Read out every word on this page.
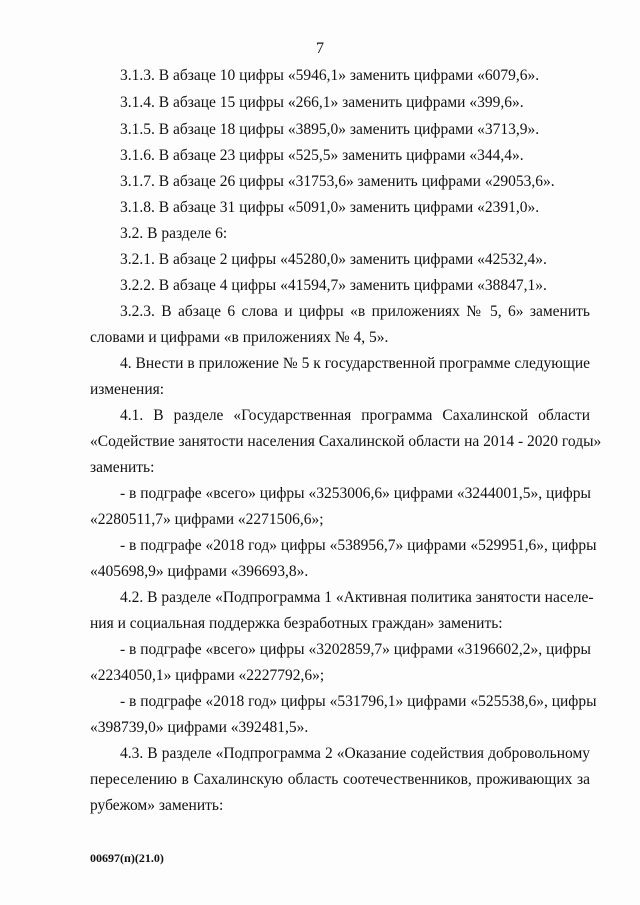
7
3.1.3. В абзаце 10 цифры «5946,1» заменить цифрами «6079,6».
3.1.4. В абзаце 15 цифры «266,1» заменить цифрами «399,6».
3.1.5. В абзаце 18 цифры «3895,0» заменить цифрами «3713,9».
3.1.6. В абзаце 23 цифры «525,5» заменить цифрами «344,4».
3.1.7. В абзаце 26 цифры «31753,6» заменить цифрами «29053,6».
3.1.8. В абзаце 31 цифры «5091,0» заменить цифрами «2391,0».
3.2. В разделе 6:
3.2.1. В абзаце 2 цифры «45280,0» заменить цифрами «42532,4».
3.2.2. В абзаце 4 цифры «41594,7» заменить цифрами «38847,1».
3.2.3. В абзаце 6 слова и цифры «в приложениях № 5, 6» заменить
словами и цифрами «в приложениях № 4, 5».
4. Внести в приложение № 5 к государственной программе следующие
изменения:
4.1. В разделе «Государственная программа Сахалинской области
«Содействие занятости населения Сахалинской области на 2014 - 2020 годы»
заменить:
- в подграфе «всего» цифры «3253006,6» цифрами «3244001,5», цифры
«2280511,7» цифрами «2271506,6»;
- в подграфе «2018 год» цифры «538956,7» цифрами «529951,6», цифры
«405698,9» цифрами «396693,8».
4.2. В разделе «Подпрограмма 1 «Активная политика занятости населе-
ния и социальная поддержка безработных граждан» заменить:
- в подграфе «всего» цифры «3202859,7» цифрами «3196602,2», цифры
«2234050,1» цифрами «2227792,6»;
- в подграфе «2018 год» цифры «531796,1» цифрами «525538,6», цифры
«398739,0» цифрами «392481,5».
4.3. В разделе «Подпрограмма 2 «Оказание содействия добровольному
переселению в Сахалинскую область соотечественников, проживающих за
рубежом» заменить:
00697(п)(21.0)
